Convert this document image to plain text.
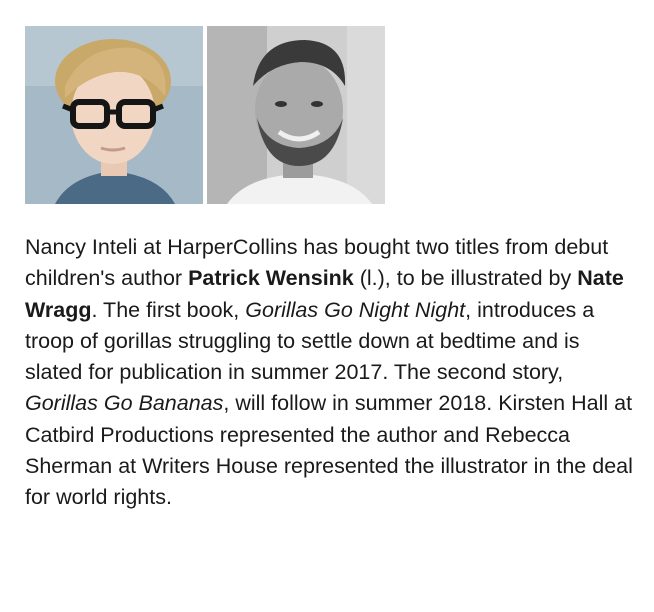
Nancy Inteli at HarperCollins has bought two titles from debut children's author Patrick Wensink (l.), to be illustrated by Nate Wragg. The first book, Gorillas Go Night Night, introduces a troop of gorillas struggling to settle down at bedtime and is slated for publication in summer 2017. The second story, Gorillas Go Bananas, will follow in summer 2018. Kirsten Hall at Catbird Productions represented the author and Rebecca Sherman at Writers House represented the illustrator in the deal for world rights.
